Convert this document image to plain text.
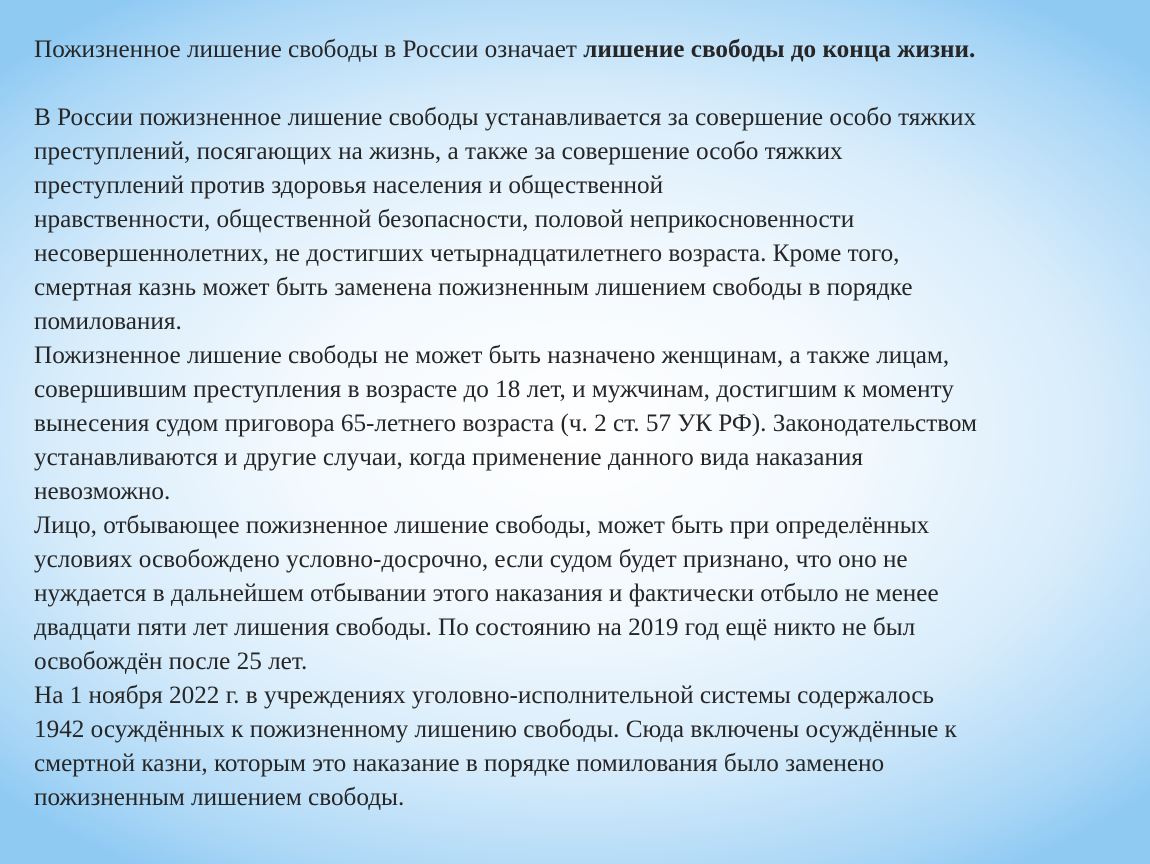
Пожизненное лишение свободы в России означает лишение свободы до конца жизни.
В России пожизненное лишение свободы устанавливается за совершение особо тяжких
преступлений, посягающих на жизнь, а также за совершение особо тяжких
преступлений против здоровья населения и общественной
нравственности, общественной безопасности, половой неприкосновенности
несовершеннолетних, не достигших четырнадцатилетнего возраста. Кроме того,
смертная казнь может быть заменена пожизненным лишением свободы в порядке
помилования.
Пожизненное лишение свободы не может быть назначено женщинам, а также лицам,
совершившим преступления в возрасте до 18 лет, и мужчинам, достигшим к моменту
вынесения судом приговора 65-летнего возраста (ч. 2 ст. 57 УК РФ). Законодательством
устанавливаются и другие случаи, когда применение данного вида наказания
невозможно.
Лицо, отбывающее пожизненное лишение свободы, может быть при определённых
условиях освобождено условно-досрочно, если судом будет признано, что оно не
нуждается в дальнейшем отбывании этого наказания и фактически отбыло не менее
двадцати пяти лет лишения свободы. По состоянию на 2019 год ещё никто не был
освобождён после 25 лет.
На 1 ноября 2022 г. в учреждениях уголовно-исполнительной системы содержалось
1942 осуждённых к пожизненному лишению свободы. Сюда включены осуждённые к
смертной казни, которым это наказание в порядке помилования было заменено
пожизненным лишением свободы.
